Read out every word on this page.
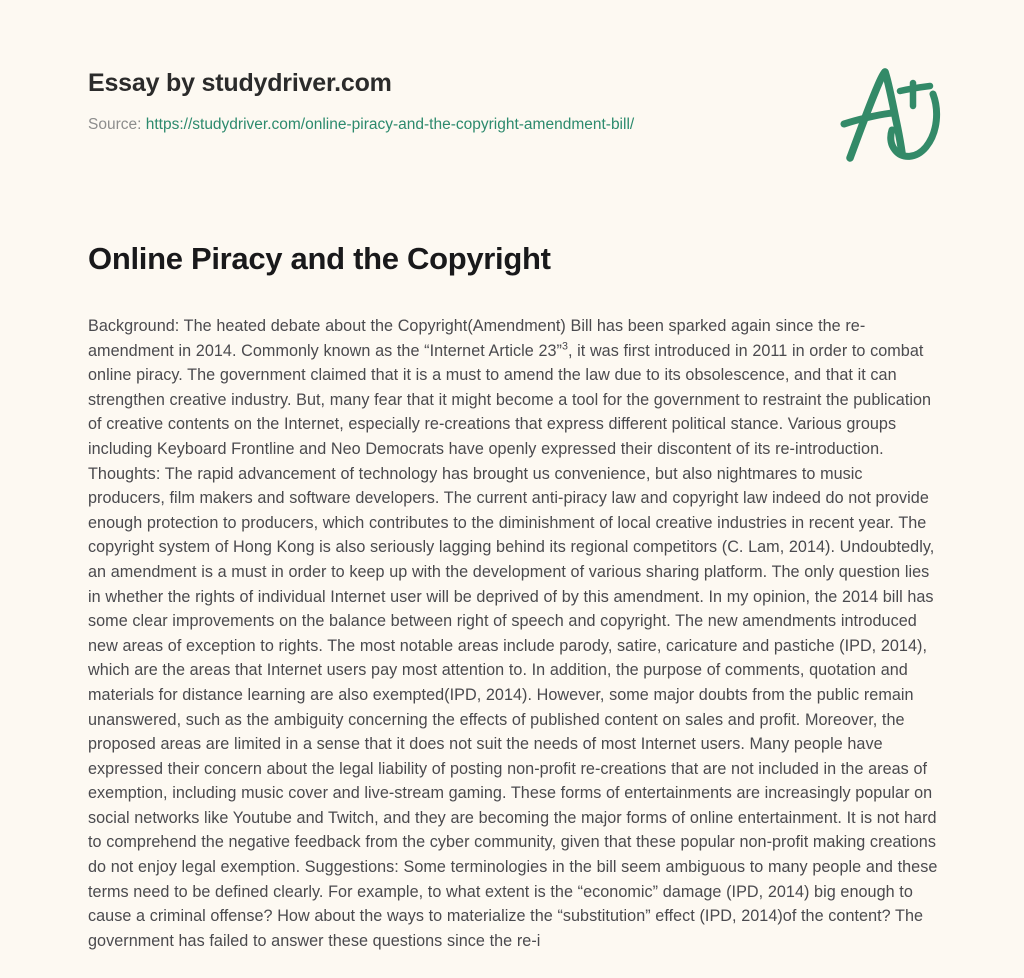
Essay by studydriver.com
Source: https://studydriver.com/online-piracy-and-the-copyright-amendment-bill/
Online Piracy and the Copyright
Background: The heated debate about the Copyright(Amendment) Bill has been sparked again since the re-amendment in 2014. Commonly known as the “Internet Article 23”$^3$, it was first introduced in 2011 in order to combat online piracy. The government claimed that it is a must to amend the law due to its obsolescence, and that it can strengthen creative industry. But, many fear that it might become a tool for the government to restraint the publication of creative contents on the Internet, especially re-creations that express different political stance. Various groups including Keyboard Frontline and Neo Democrats have openly expressed their discontent of its re-introduction. Thoughts: The rapid advancement of technology has brought us convenience, but also nightmares to music producers, film makers and software developers. The current anti-piracy law and copyright law indeed do not provide enough protection to producers, which contributes to the diminishment of local creative industries in recent year. The copyright system of Hong Kong is also seriously lagging behind its regional competitors (C. Lam, 2014). Undoubtedly, an amendment is a must in order to keep up with the development of various sharing platform. The only question lies in whether the rights of individual Internet user will be deprived of by this amendment. In my opinion, the 2014 bill has some clear improvements on the balance between right of speech and copyright. The new amendments introduced new areas of exception to rights. The most notable areas include parody, satire, caricature and pastiche (IPD, 2014), which are the areas that Internet users pay most attention to. In addition, the purpose of comments, quotation and materials for distance learning are also exempted(IPD, 2014). However, some major doubts from the public remain unanswered, such as the ambiguity concerning the effects of published content on sales and profit. Moreover, the proposed areas are limited in a sense that it does not suit the needs of most Internet users. Many people have expressed their concern about the legal liability of posting non-profit re-creations that are not included in the areas of exemption, including music cover and live-stream gaming. These forms of entertainments are increasingly popular on social networks like Youtube and Twitch, and they are becoming the major forms of online entertainment. It is not hard to comprehend the negative feedback from the cyber community, given that these popular non-profit making creations do not enjoy legal exemption. Suggestions: Some terminologies in the bill seem ambiguous to many people and these terms need to be defined clearly. For example, to what extent is the “economic” damage (IPD, 2014) big enough to cause a criminal offense? How about the ways to materialize the “substitution” effect (IPD, 2014)of the content? The government has failed to answer these questions since the re-i
